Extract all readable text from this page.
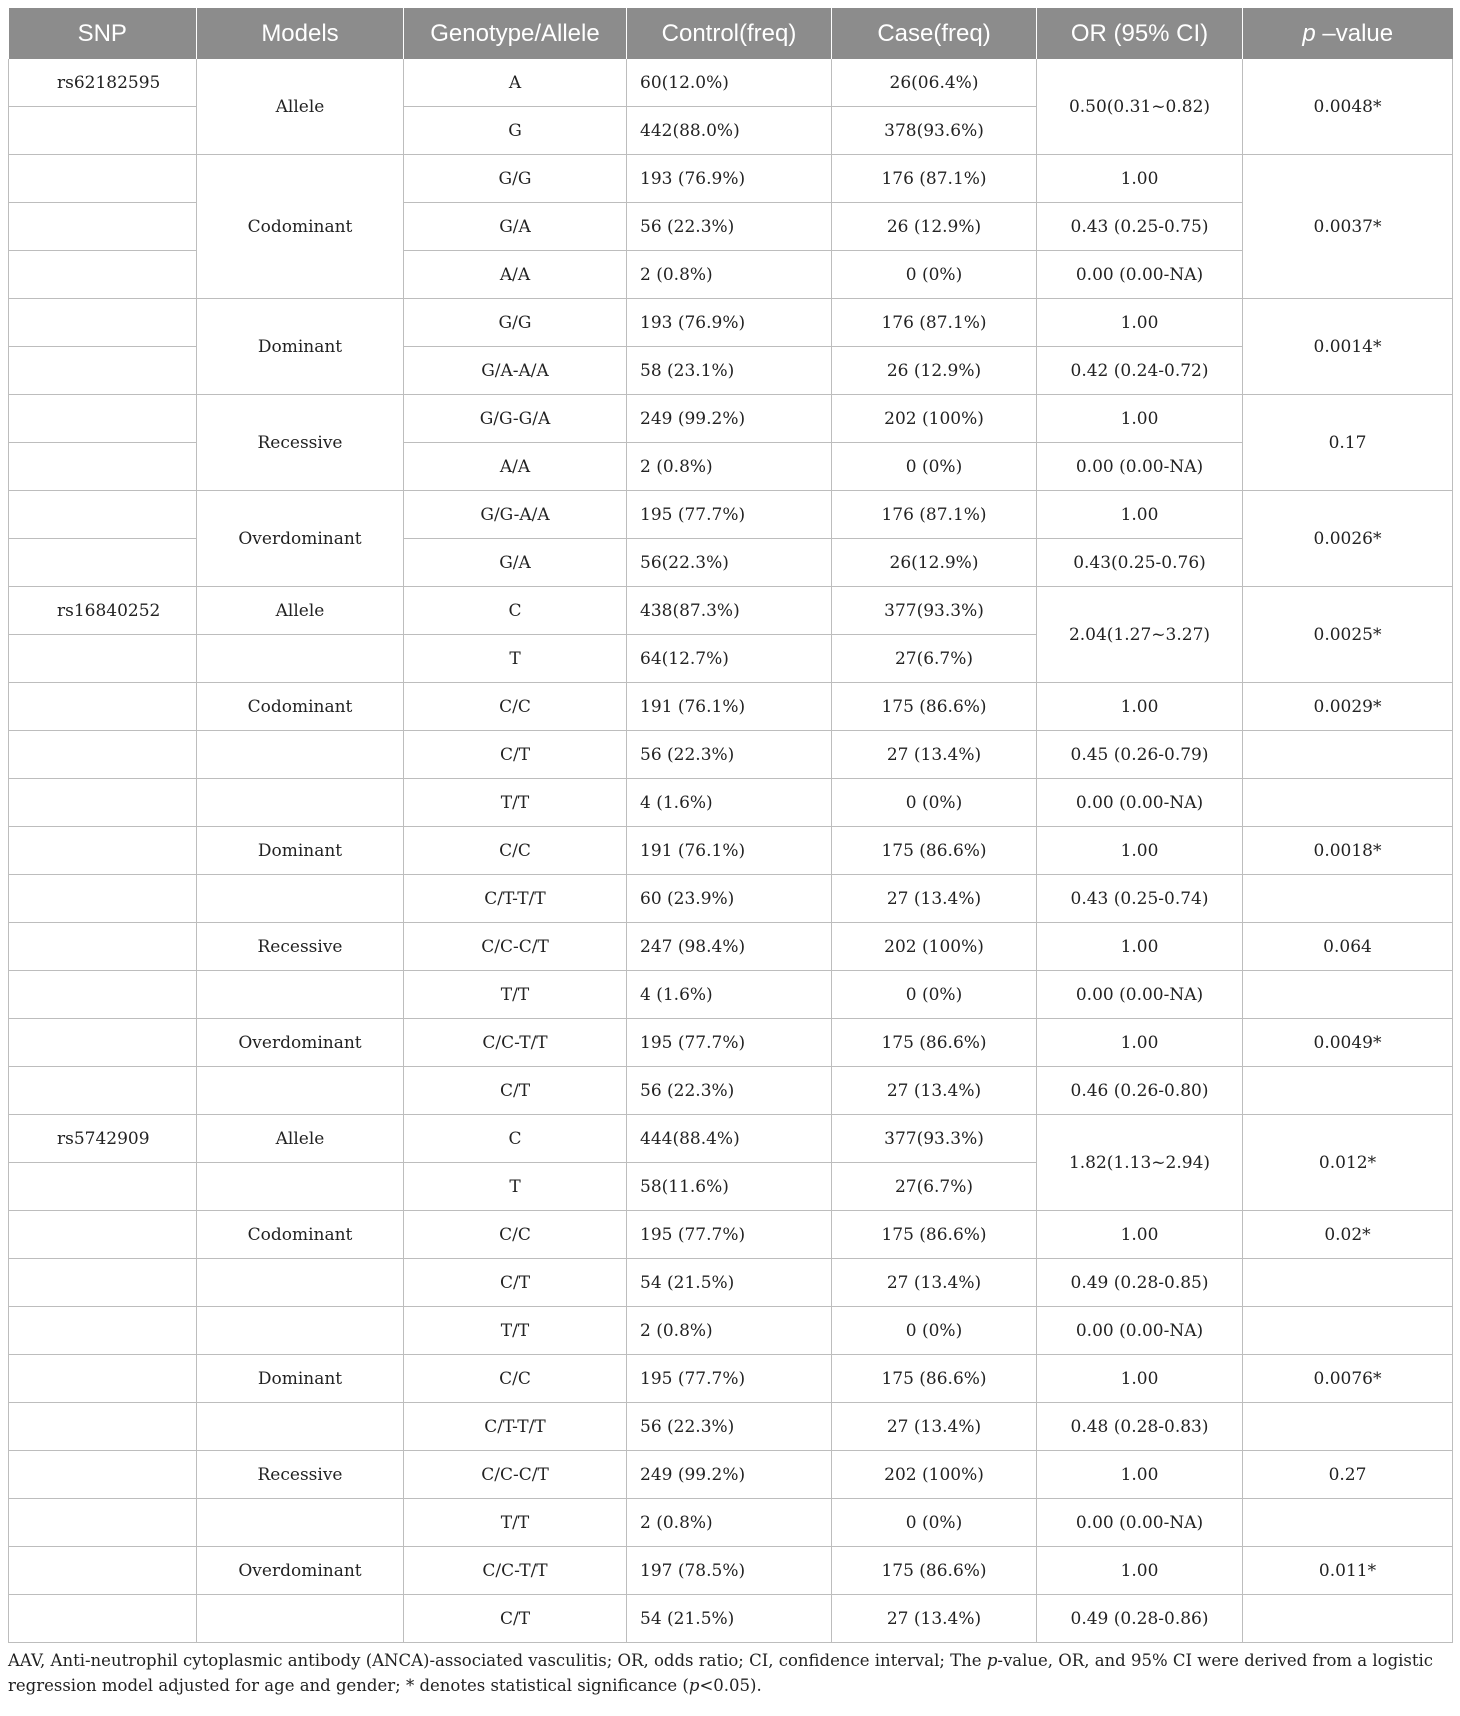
SNP	Models	Genotype/Allele	Control(freq)	Case(freq)	OR (95% CI)	p –value
rs62182595	Allele	A	60(12.0%)	26(06.4%)	0.50(0.31~0.82)	0.0048*
		G	442(88.0%)	378(93.6%)		
	Codominant	G/G	193 (76.9%)	176 (87.1%)	1.00	0.0037*
		G/A	56 (22.3%)	26 (12.9%)	0.43 (0.25-0.75)	
		A/A	2 (0.8%)	0 (0%)	0.00 (0.00-NA)	
	Dominant	G/G	193 (76.9%)	176 (87.1%)	1.00	0.0014*
		G/A-A/A	58 (23.1%)	26 (12.9%)	0.42 (0.24-0.72)	
	Recessive	G/G-G/A	249 (99.2%)	202 (100%)	1.00	0.17
		A/A	2 (0.8%)	0 (0%)	0.00 (0.00-NA)	
	Overdominant	G/G-A/A	195 (77.7%)	176 (87.1%)	1.00	0.0026*
		G/A	56(22.3%)	26(12.9%)	0.43(0.25-0.76)	
rs16840252	Allele	C	438(87.3%)	377(93.3%)	2.04(1.27~3.27)	0.0025*
		T	64(12.7%)	27(6.7%)		
	Codominant	C/C	191 (76.1%)	175 (86.6%)	1.00	0.0029*
		C/T	56 (22.3%)	27 (13.4%)	0.45 (0.26-0.79)	
		T/T	4 (1.6%)	0 (0%)	0.00 (0.00-NA)	
	Dominant	C/C	191 (76.1%)	175 (86.6%)	1.00	0.0018*
		C/T-T/T	60 (23.9%)	27 (13.4%)	0.43 (0.25-0.74)	
	Recessive	C/C-C/T	247 (98.4%)	202 (100%)	1.00	0.064
		T/T	4 (1.6%)	0 (0%)	0.00 (0.00-NA)	
	Overdominant	C/C-T/T	195 (77.7%)	175 (86.6%)	1.00	0.0049*
		C/T	56 (22.3%)	27 (13.4%)	0.46 (0.26-0.80)	
rs5742909	Allele	C	444(88.4%)	377(93.3%)	1.82(1.13~2.94)	0.012*
		T	58(11.6%)	27(6.7%)		
	Codominant	C/C	195 (77.7%)	175 (86.6%)	1.00	0.02*
		C/T	54 (21.5%)	27 (13.4%)	0.49 (0.28-0.85)	
		T/T	2 (0.8%)	0 (0%)	0.00 (0.00-NA)	
	Dominant	C/C	195 (77.7%)	175 (86.6%)	1.00	0.0076*
		C/T-T/T	56 (22.3%)	27 (13.4%)	0.48 (0.28-0.83)	
	Recessive	C/C-C/T	249 (99.2%)	202 (100%)	1.00	0.27
		T/T	2 (0.8%)	0 (0%)	0.00 (0.00-NA)	
	Overdominant	C/C-T/T	197 (78.5%)	175 (86.6%)	1.00	0.011*
		C/T	54 (21.5%)	27 (13.4%)	0.49 (0.28-0.86)	
AAV, Anti-neutrophil cytoplasmic antibody (ANCA)-associated vasculitis; OR, odds ratio; CI, confidence interval; The p-value, OR, and 95% CI were derived from a logistic regression model adjusted for age and gender; * denotes statistical significance (p<0.05).
